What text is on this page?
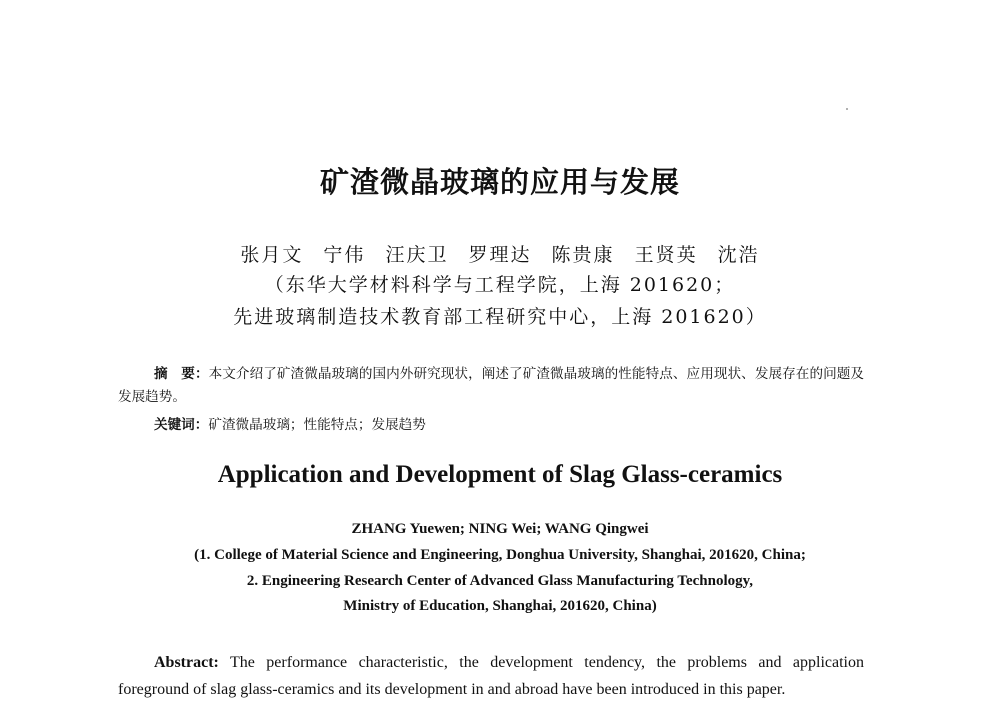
矿渣微晶玻璃的应用与发展
张月文 宁伟 汪庆卫 罗理达 陈贵康 王贤英 沈浩
（东华大学材料科学与工程学院，上海 201620；
先进玻璃制造技术教育部工程研究中心，上海 201620）
摘　要：本文介绍了矿渣微晶玻璃的国内外研究现状，阐述了矿渣微晶玻璃的性能特点、应用现状、发展存在的问题及发展趋势。
关键词：矿渣微晶玻璃；性能特点；发展趋势
Application and Development of Slag Glass-ceramics
ZHANG Yuewen; NING Wei; WANG Qingwei
(1. College of Material Science and Engineering, Donghua University, Shanghai, 201620, China;
2. Engineering Research Center of Advanced Glass Manufacturing Technology,
Ministry of Education, Shanghai, 201620, China)
Abstract: The performance characteristic, the development tendency, the problems and application foreground of slag glass-ceramics and its development in and abroad have been introduced in this paper.
